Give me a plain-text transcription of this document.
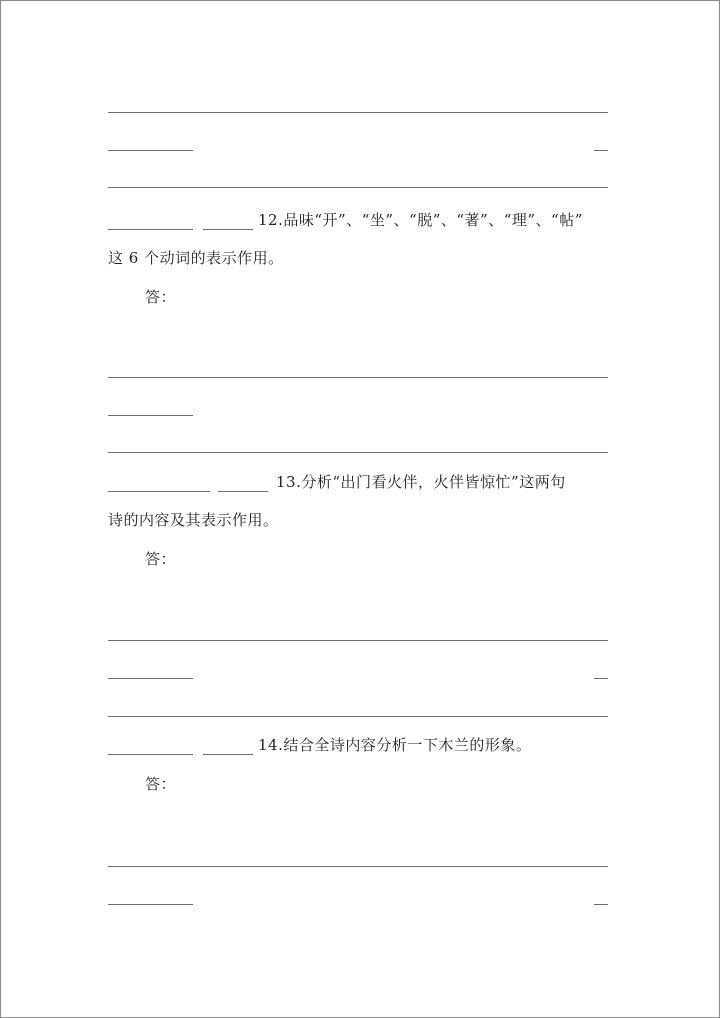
12.品味“开”、“坐”、“脱”、“著”、“理”、“帖”
这 6 个动词的表示作用。
答：
13.分析“出门看火伴，火伴皆惊忙”这两句
诗的内容及其表示作用。
答：
14.结合全诗内容分析一下木兰的形象。
答：
